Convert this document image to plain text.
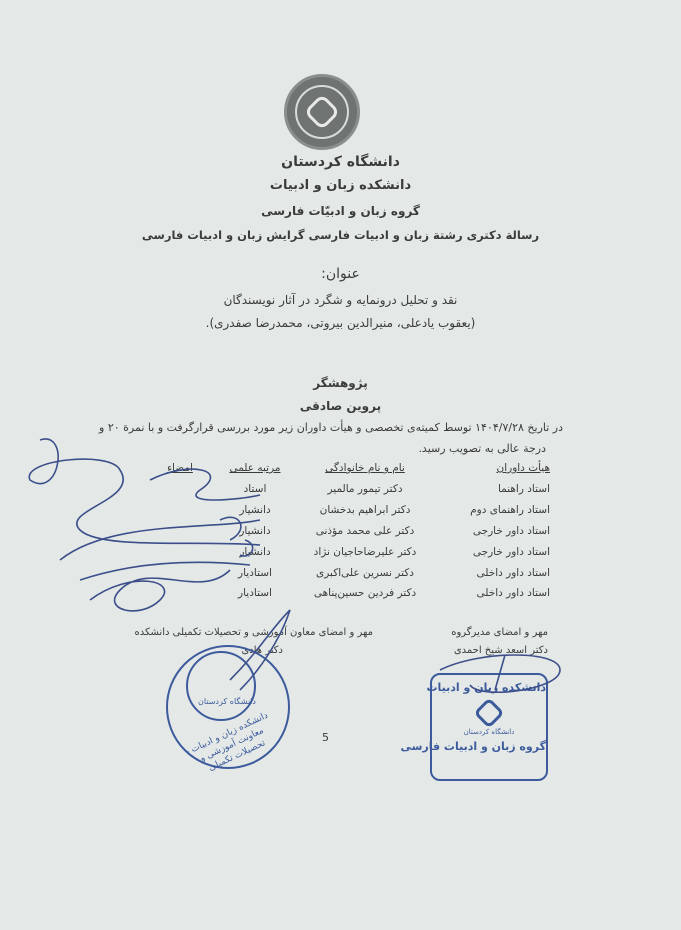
دانشگاه کردستان
دانشکده زبان و ادبیات
گروه زبان و ادبیّات فارسی
رسالة دکتری رشتة زبان و ادبیات فارسی گرایش زبان و ادبیات فارسی
عنوان:
نقد و تحلیل درونمایه و شگرد در آثار نویسندگان
(یعقوب یادعلی، منیرالدین بیروتی، محمدرضا صفدری).
پژوهشگر
پروین صادقی
در تاریخ ۱۴۰۴/۷/۲۸ توسط کمیته‌ی تخصصی و هیأت داوران زیر مورد بررسی قرارگرفت و با نمرة ۲۰ و
درجة عالی به تصویب رسید.
هیأت داوران
نام و نام خانوادگی
مرتبه علمی
امضاء
استاد راهنما
دکتر تیمور مالمیر
استاد
استاد راهنمای دوم
دکتر ابراهیم بدخشان
دانشیار
استاد داور خارجی
دکتر علی محمد مؤذنی
دانشیار
استاد داور خارجی
دکتر علیرضاحاجیان نژاد
دانشیار
استاد داور داخلی
دکتر نسرین علی‌اکبری
استادیار
استاد داور داخلی
دکتر فردین حسین‌پناهی
استادیار
مهر و امضای مدیرگروه
دکتر اسعد شیخ احمدی
مهر و امضای معاون آموزشی و تحصیلات تکمیلی دانشکده
دکتر هادی
دانشگاه کردستان
دانشکده زبان و ادبیات - معاونت آموزشی و تحصیلات تکمیلی
دانشکده زبان و ادبیات
دانشگاه کردستان
گروه زبان و ادبیات فارسی
5
